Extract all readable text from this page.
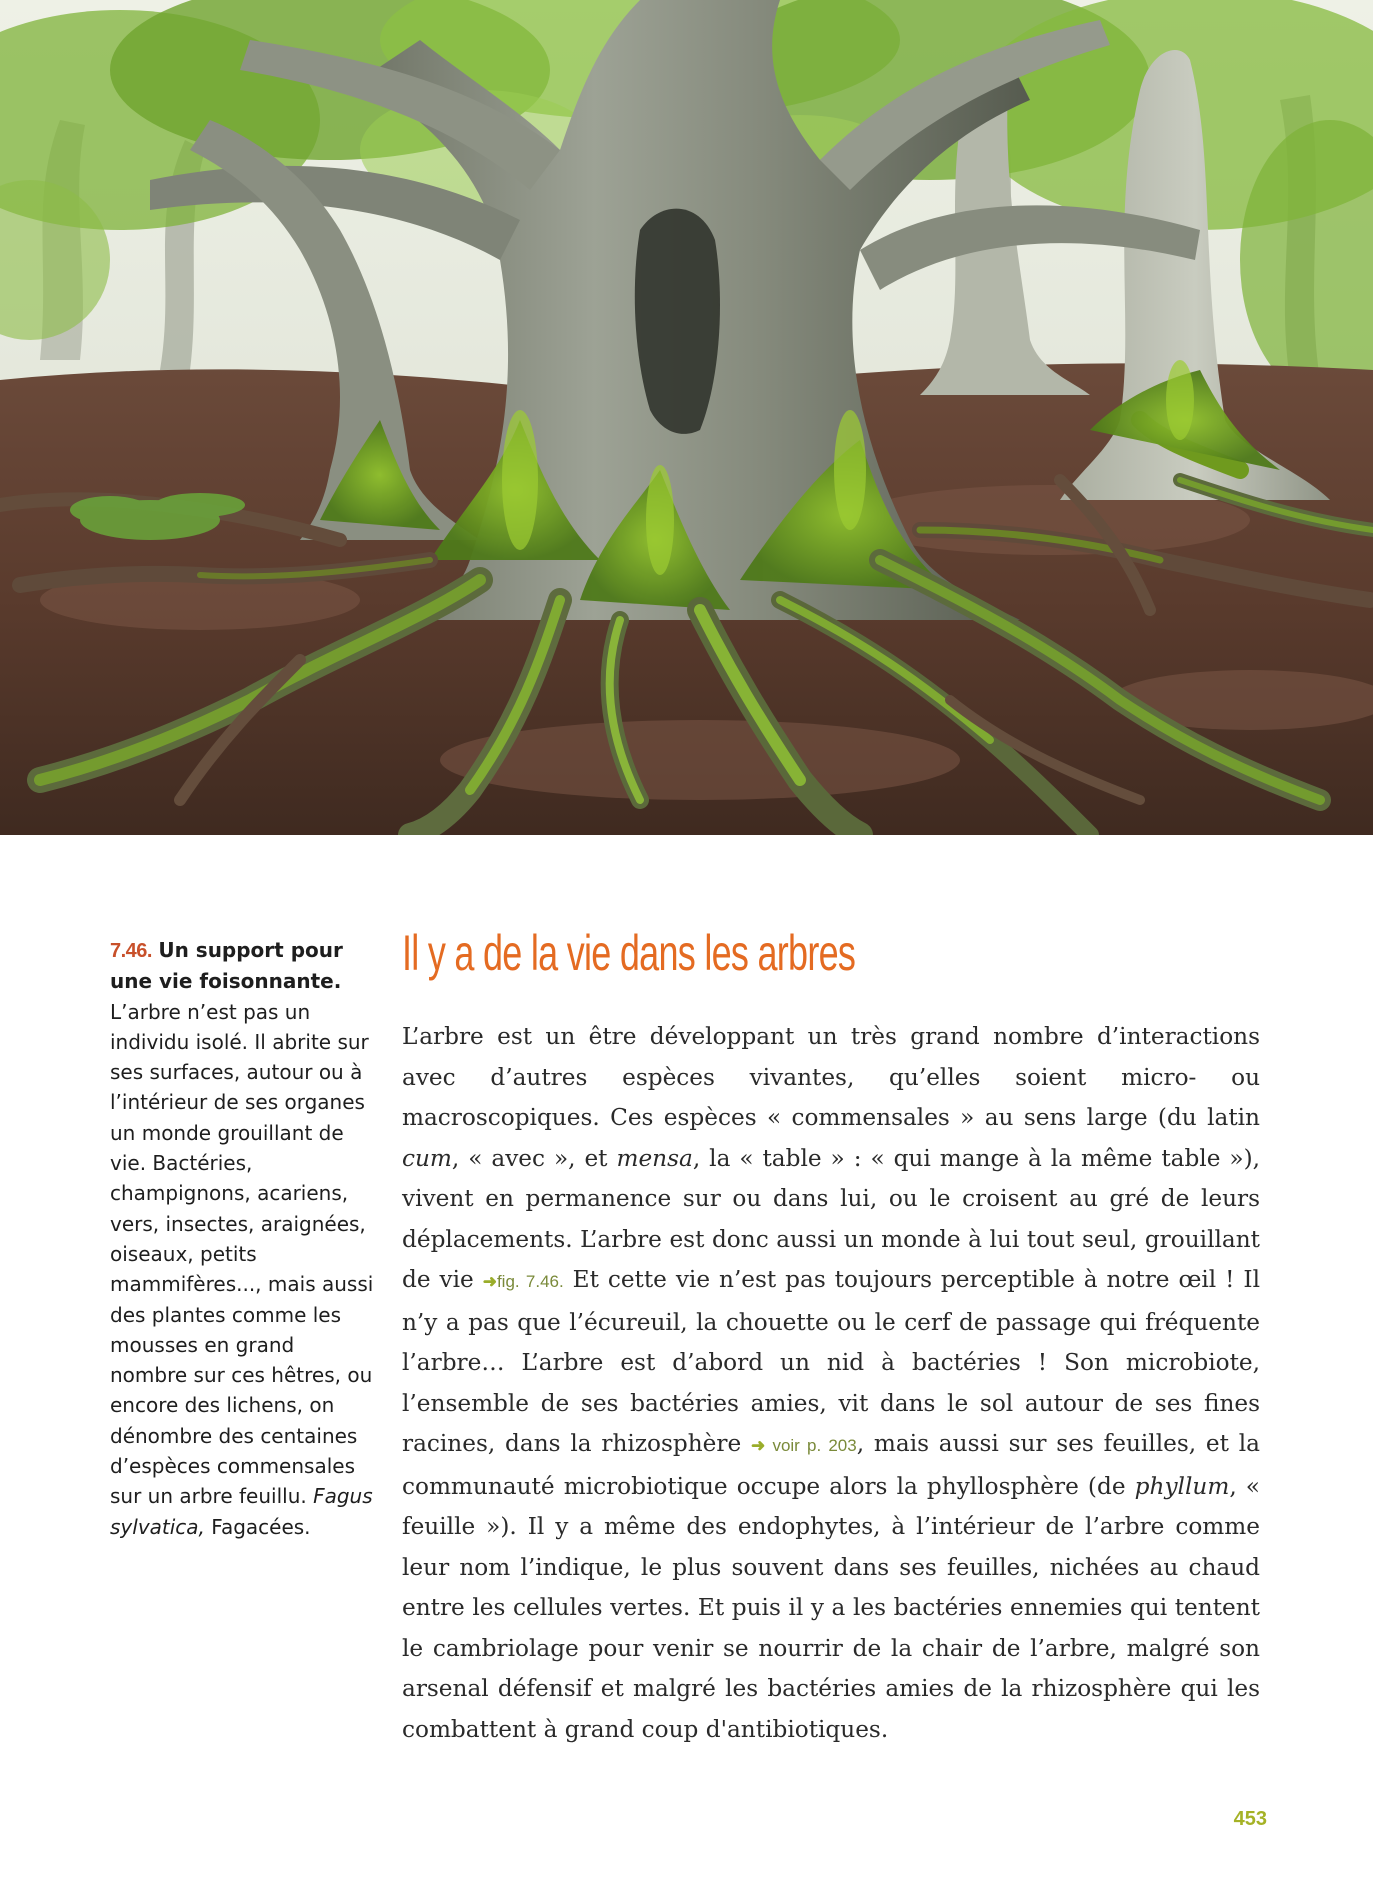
7.46. Un support pour une vie foisonnante. L’arbre n’est pas un individu isolé. Il abrite sur ses surfaces, autour ou à l’intérieur de ses organes un monde grouillant de vie. Bactéries, champignons, acariens, vers, insectes, araignées, oiseaux, petits mammifères..., mais aussi des plantes comme les mousses en grand nombre sur ces hêtres, ou encore des lichens, on dénombre des centaines d’espèces commensales sur un arbre feuillu. Fagus sylvatica, Fagacées.
Il y a de la vie dans les arbres

L’arbre est un être développant un très grand nombre d’interactions avec d’autres espèces vivantes, qu’elles soient micro- ou macroscopiques. Ces espèces « commensales » au sens large (du latin cum, « avec », et mensa, la « table » : « qui mange à la même table »), vivent en permanence sur ou dans lui, ou le croisent au gré de leurs déplacements. L’arbre est donc aussi un monde à lui tout seul, grouillant de vie ➜fig. 7.46. Et cette vie n’est pas toujours perceptible à notre œil ! Il n’y a pas que l’écureuil, la chouette ou le cerf de passage qui fréquente l’arbre… L’arbre est d’abord un nid à bactéries ! Son microbiote, l’ensemble de ses bactéries amies, vit dans le sol autour de ses fines racines, dans la rhizosphère ➜ voir p. 203, mais aussi sur ses feuilles, et la communauté microbiotique occupe alors la phyllosphère (de phyllum, « feuille »). Il y a même des endophytes, à l’intérieur de l’arbre comme leur nom l’indique, le plus souvent dans ses feuilles, nichées au chaud entre les cellules vertes. Et puis il y a les bactéries ennemies qui tentent le cambriolage pour venir se nourrir de la chair de l’arbre, malgré son arsenal défensif et malgré les bactéries amies de la rhizosphère qui les combattent à grand coup d'antibiotiques.

453
